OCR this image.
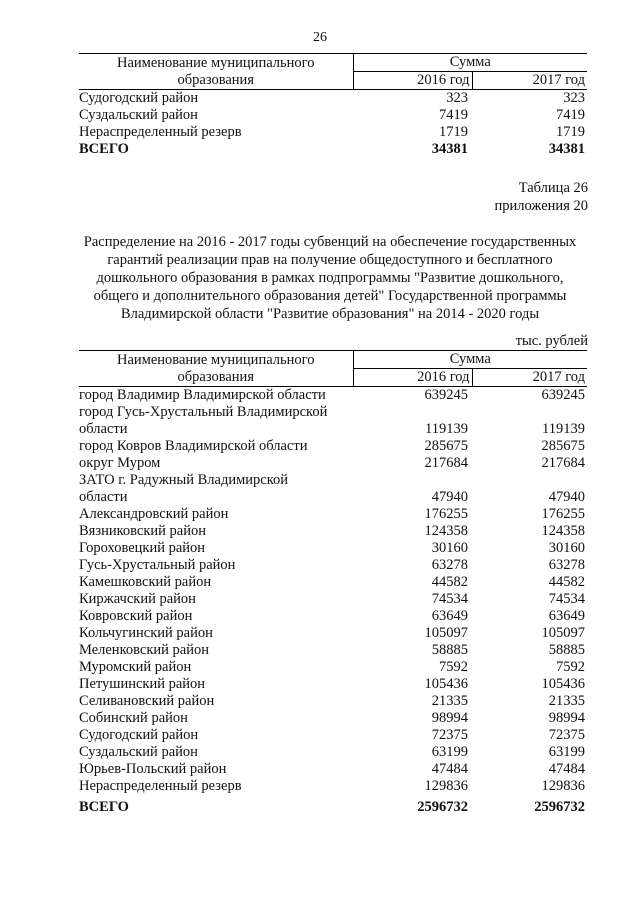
26
Наименование муниципального образования	Сумма	
	2016 год	2017 год
Судогодский район	323	323
Суздальский район	7419	7419
Нераспределенный резерв	1719	1719
ВСЕГО	34381	34381
Таблица 26
приложения 20
Распределение на 2016 - 2017 годы субвенций на обеспечение государственных
гарантий реализации прав на получение общедоступного и бесплатного
дошкольного образования в рамках подпрограммы "Развитие дошкольного,
общего и дополнительного образования детей" Государственной программы
Владимирской области "Развитие образования" на 2014 - 2020 годы
тыс. рублей
Наименование муниципального образования	Сумма	
	2016 год	2017 год
город Владимир Владимирской области	639245	639245
город Гусь-Хрустальный Владимирской		
области	119139	119139
город Ковров Владимирской области	285675	285675
округ Муром	217684	217684
ЗАТО г. Радужный Владимирской		
области	47940	47940
Александровский район	176255	176255
Вязниковский район	124358	124358
Гороховецкий район	30160	30160
Гусь-Хрустальный район	63278	63278
Камешковский район	44582	44582
Киржачский район	74534	74534
Ковровский район	63649	63649
Кольчугинский район	105097	105097
Меленковский район	58885	58885
Муромский район	7592	7592
Петушинский район	105436	105436
Селивановский район	21335	21335
Собинский район	98994	98994
Судогодский район	72375	72375
Суздальский район	63199	63199
Юрьев-Польский район	47484	47484
Нераспределенный резерв	129836	129836
ВСЕГО	2596732	2596732
